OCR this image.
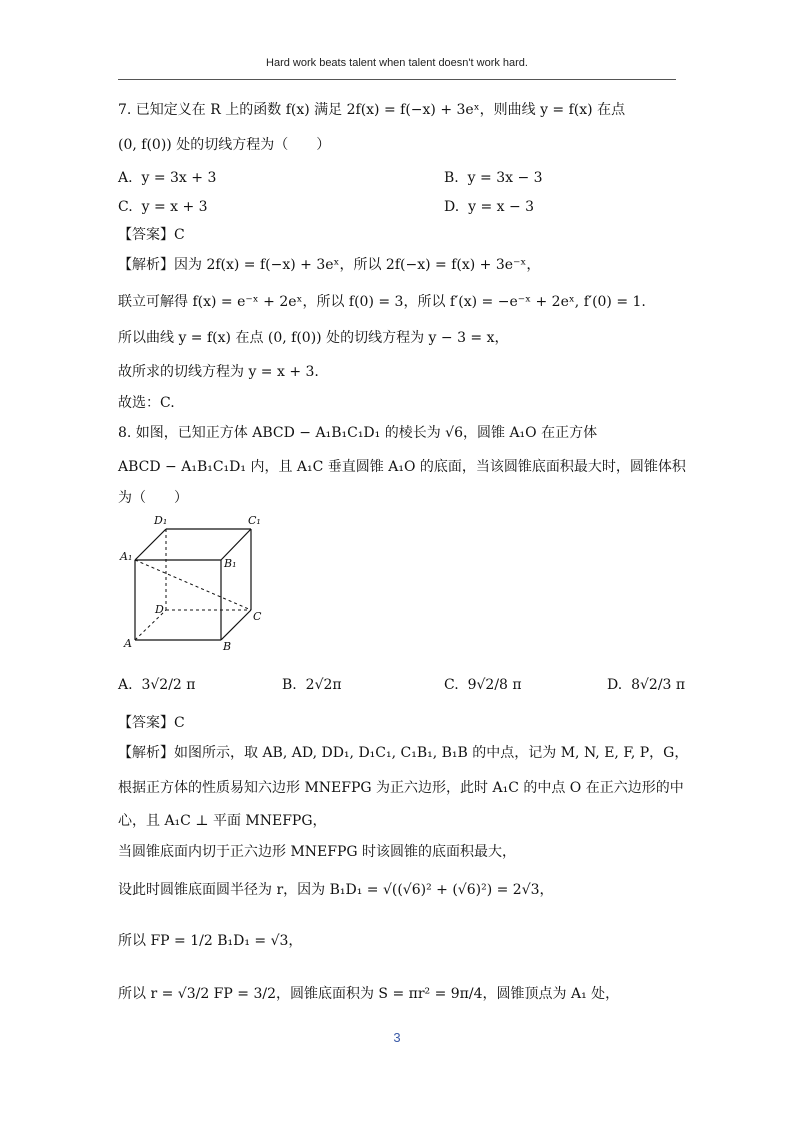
Hard work beats talent when talent doesn't work hard.
7. 已知定义在 R 上的函数 f(x) 满足 2f(x) = f(−x) + 3eˣ，则曲线 y = f(x) 在点
(0, f(0)) 处的切线方程为（　　）
A. y = 3x + 3	B. y = 3x − 3
C. y = x + 3	D. y = x − 3
【答案】C
【解析】因为 2f(x) = f(−x) + 3eˣ，所以 2f(−x) = f(x) + 3e⁻ˣ，
联立可解得 f(x) = e⁻ˣ + 2eˣ，所以 f(0) = 3，所以 f′(x) = −e⁻ˣ + 2eˣ, f′(0) = 1.
所以曲线 y = f(x) 在点 (0, f(0)) 处的切线方程为 y − 3 = x，
故所求的切线方程为 y = x + 3.
故选：C.
8. 如图，已知正方体 ABCD − A₁B₁C₁D₁ 的棱长为 √6，圆锥 A₁O 在正方体
ABCD − A₁B₁C₁D₁ 内，且 A₁C 垂直圆锥 A₁O 的底面，当该圆锥底面积最大时，圆锥体积
为（　　）
D₁	C₁
A₁
B₁
D
C
A	B
A. 3√2/2 π	B. 2√2π	C. 9√2/8 π	D. 8√2/3 π
【答案】C
【解析】如图所示，取 AB, AD, DD₁, D₁C₁, C₁B₁, B₁B 的中点，记为 M, N, E, F, P，G，
根据正方体的性质易知六边形 MNEFPG 为正六边形，此时 A₁C 的中点 O 在正六边形的中
心，且 A₁C ⊥ 平面 MNEFPG，
当圆锥底面内切于正六边形 MNEFPG 时该圆锥的底面积最大，
设此时圆锥底面圆半径为 r，因为 B₁D₁ = √((√6)² + (√6)²) = 2√3，
所以 FP = 1/2 B₁D₁ = √3，
所以 r = √3/2 FP = 3/2，圆锥底面积为 S = πr² = 9π/4，圆锥顶点为 A₁ 处，
3
